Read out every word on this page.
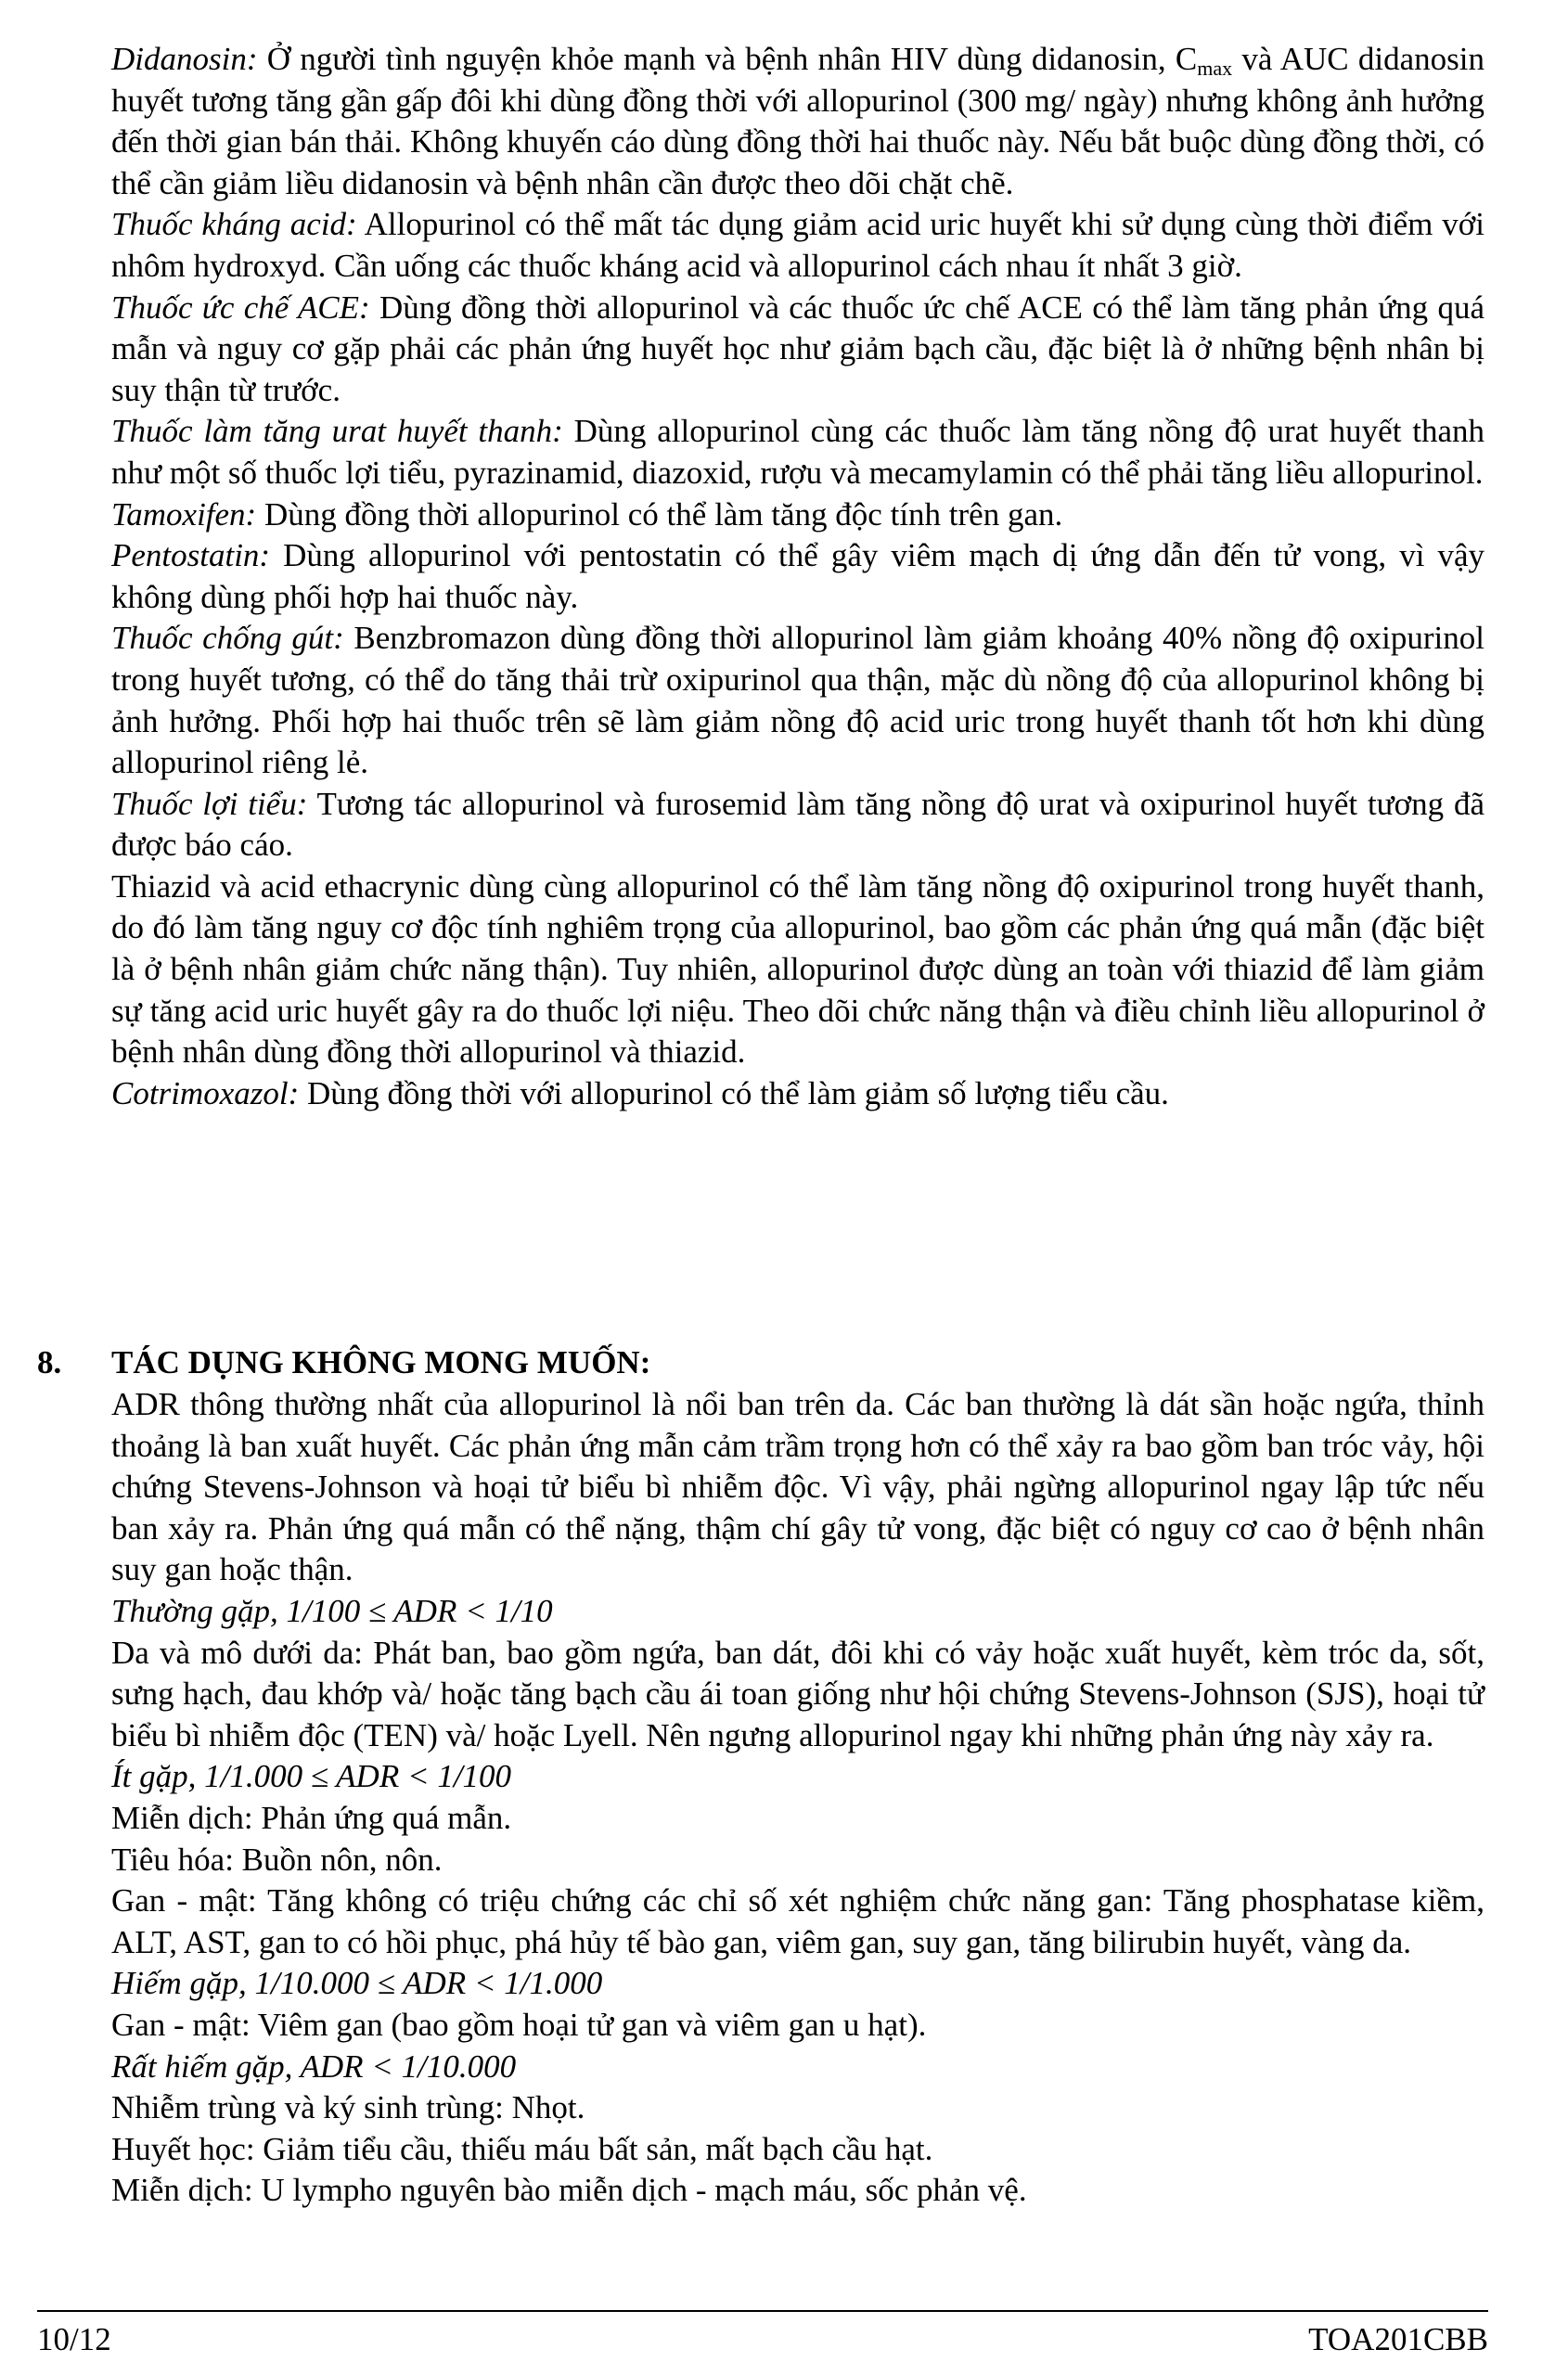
Didanosin: Ở người tình nguyện khỏe mạnh và bệnh nhân HIV dùng didanosin, $C_{max}$ và AUC didanosin huyết tương tăng gần gấp đôi khi dùng đồng thời với allopurinol (300 mg/ ngày) nhưng không ảnh hưởng đến thời gian bán thải. Không khuyến cáo dùng đồng thời hai thuốc này. Nếu bắt buộc dùng đồng thời, có thể cần giảm liều didanosin và bệnh nhân cần được theo dõi chặt chẽ.

Thuốc kháng acid: Allopurinol có thể mất tác dụng giảm acid uric huyết khi sử dụng cùng thời điểm với nhôm hydroxyd. Cần uống các thuốc kháng acid và allopurinol cách nhau ít nhất 3 giờ.

Thuốc ức chế ACE: Dùng đồng thời allopurinol và các thuốc ức chế ACE có thể làm tăng phản ứng quá mẫn và nguy cơ gặp phải các phản ứng huyết học như giảm bạch cầu, đặc biệt là ở những bệnh nhân bị suy thận từ trước.

Thuốc làm tăng urat huyết thanh: Dùng allopurinol cùng các thuốc làm tăng nồng độ urat huyết thanh như một số thuốc lợi tiểu, pyrazinamid, diazoxid, rượu và mecamylamin có thể phải tăng liều allopurinol.

Tamoxifen: Dùng đồng thời allopurinol có thể làm tăng độc tính trên gan.

Pentostatin: Dùng allopurinol với pentostatin có thể gây viêm mạch dị ứng dẫn đến tử vong, vì vậy không dùng phối hợp hai thuốc này.

Thuốc chống gút: Benzbromazon dùng đồng thời allopurinol làm giảm khoảng 40% nồng độ oxipurinol trong huyết tương, có thể do tăng thải trừ oxipurinol qua thận, mặc dù nồng độ của allopurinol không bị ảnh hưởng. Phối hợp hai thuốc trên sẽ làm giảm nồng độ acid uric trong huyết thanh tốt hơn khi dùng allopurinol riêng lẻ.

Thuốc lợi tiểu: Tương tác allopurinol và furosemid làm tăng nồng độ urat và oxipurinol huyết tương đã được báo cáo.

Thiazid và acid ethacrynic dùng cùng allopurinol có thể làm tăng nồng độ oxipurinol trong huyết thanh, do đó làm tăng nguy cơ độc tính nghiêm trọng của allopurinol, bao gồm các phản ứng quá mẫn (đặc biệt là ở bệnh nhân giảm chức năng thận). Tuy nhiên, allopurinol được dùng an toàn với thiazid để làm giảm sự tăng acid uric huyết gây ra do thuốc lợi niệu. Theo dõi chức năng thận và điều chỉnh liều allopurinol ở bệnh nhân dùng đồng thời allopurinol và thiazid.

Cotrimoxazol: Dùng đồng thời với allopurinol có thể làm giảm số lượng tiểu cầu.

8. TÁC DỤNG KHÔNG MONG MUỐN:

ADR thông thường nhất của allopurinol là nổi ban trên da. Các ban thường là dát sần hoặc ngứa, thỉnh thoảng là ban xuất huyết. Các phản ứng mẫn cảm trầm trọng hơn có thể xảy ra bao gồm ban tróc vảy, hội chứng Stevens-Johnson và hoại tử biểu bì nhiễm độc. Vì vậy, phải ngừng allopurinol ngay lập tức nếu ban xảy ra. Phản ứng quá mẫn có thể nặng, thậm chí gây tử vong, đặc biệt có nguy cơ cao ở bệnh nhân suy gan hoặc thận.

Thường gặp, 1/100 ≤ ADR < 1/10

Da và mô dưới da: Phát ban, bao gồm ngứa, ban dát, đôi khi có vảy hoặc xuất huyết, kèm tróc da, sốt, sưng hạch, đau khớp và/ hoặc tăng bạch cầu ái toan giống như hội chứng Stevens-Johnson (SJS), hoại tử biểu bì nhiễm độc (TEN) và/ hoặc Lyell. Nên ngưng allopurinol ngay khi những phản ứng này xảy ra.

Ít gặp, 1/1.000 ≤ ADR < 1/100

Miễn dịch: Phản ứng quá mẫn.

Tiêu hóa: Buồn nôn, nôn.

Gan - mật: Tăng không có triệu chứng các chỉ số xét nghiệm chức năng gan: Tăng phosphatase kiềm, ALT, AST, gan to có hồi phục, phá hủy tế bào gan, viêm gan, suy gan, tăng bilirubin huyết, vàng da.

Hiếm gặp, 1/10.000 ≤ ADR < 1/1.000

Gan - mật: Viêm gan (bao gồm hoại tử gan và viêm gan u hạt).

Rất hiếm gặp, ADR < 1/10.000

Nhiễm trùng và ký sinh trùng: Nhọt.

Huyết học: Giảm tiểu cầu, thiếu máu bất sản, mất bạch cầu hạt.

Miễn dịch: U lympho nguyên bào miễn dịch - mạch máu, sốc phản vệ.

10/12	TOA201CBB
